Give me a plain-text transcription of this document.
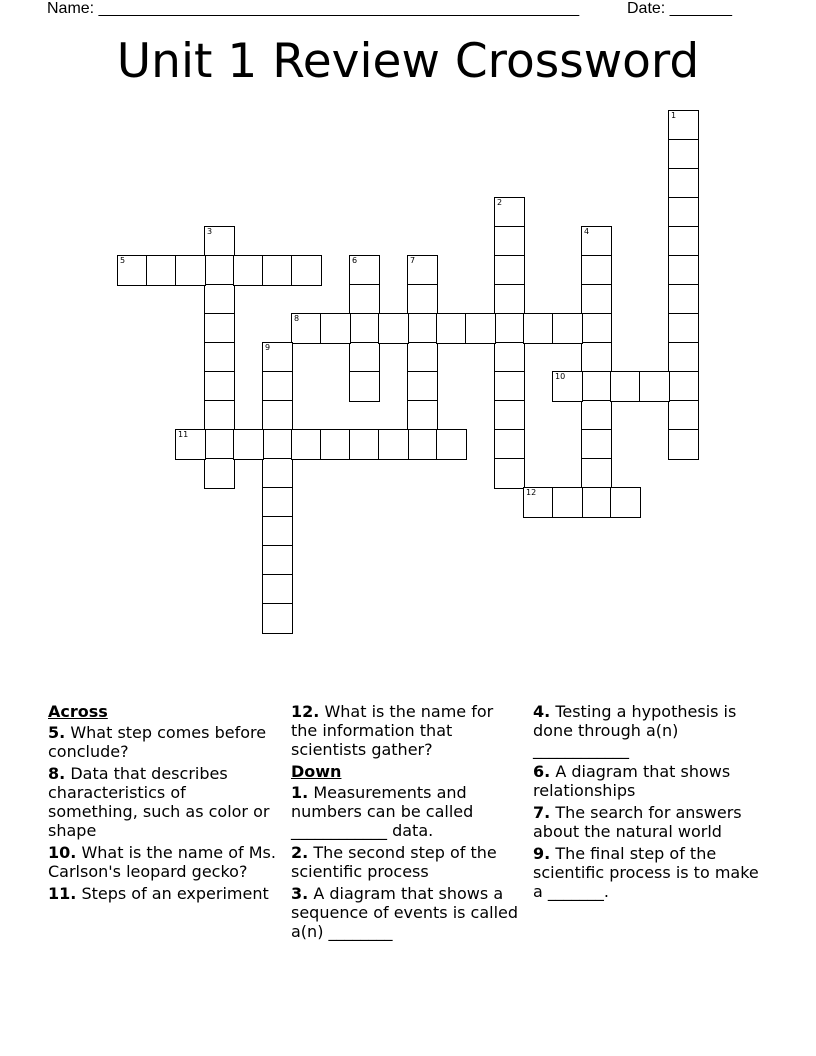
Name: ______________________________________________________	Date: _______
Unit 1 Review Crossword
1
2
3	4
5	6	7
8
9
10
11
12
Across
5. What step comes before conclude?
8. Data that describes characteristics of something, such as color or shape
10. What is the name of Ms. Carlson's leopard gecko?
11. Steps of an experiment
12. What is the name for the information that scientists gather?
Down
1. Measurements and numbers can be called ____________ data.
2. The second step of the scientific process
3. A diagram that shows a sequence of events is called a(n) ________
4. Testing a hypothesis is done through a(n) ____________
6. A diagram that shows relationships
7. The search for answers about the natural world
9. The final step of the scientific process is to make a _______.
